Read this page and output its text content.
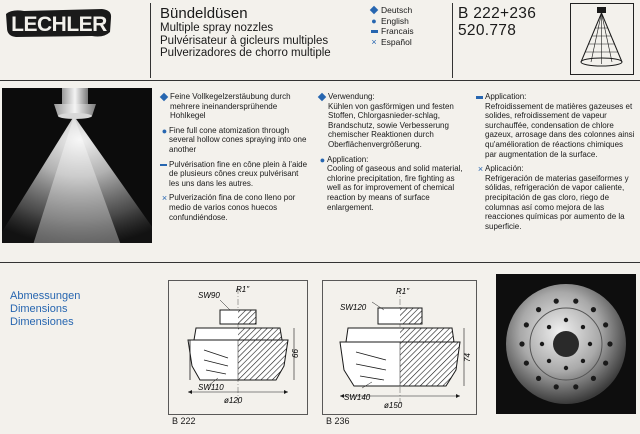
LECHLER	Bündeldüsen
Multiple spray nozzles
Pulvérisateur à gicleurs multiples
Pulverizadores de chorro multiple
Deutsch
● English
Francais
× Español
B 222+236
520.778
Feine Vollkegelzerstäubung durch mehrere ineinandersprühende Hohlkegel
● Fine full cone atomization through several hollow cones spraying into one another
Pulvérisation fine en cône plein à l'aide de plusieurs cônes creux pulvérisant les uns dans les autres.
× Pulverización fina de cono lleno por medio de varios conos huecos confundiéndose.
Verwendung:
Kühlen von gasförmigen und festen Stoffen, Chlorgasnieder-schlag, Brandschutz, sowie Verbesserung chemischer Reaktionen durch Oberflächenvergrößerung.
● Application:
Cooling of gaseous and solid material, chlorine precipitation, fire fighting as well as for improvement of chemical reaction by means of surface enlargement.
Application:
Refroidissement de matières gazeuses et solides, refroidissement de vapeur surchauffée, condensation de chlore gazeux, arrosage dans des colonnes ainsi qu'amélioration de réactions chimiques par augmentation de la surface.
× Aplicación:
Refrigeración de materias gaseiformes y sólidas, refrigeración de vapor caliente, precipitación de gas cloro, riego de columnas así como mejora de las reacciones químicas por aumento de la superficie.
Abmessungen
Dimensions
Dimensiones
SW90
R1"
SW110
ø120
66
B 222
SW120
R1"
SW140
ø150
74
B 236
